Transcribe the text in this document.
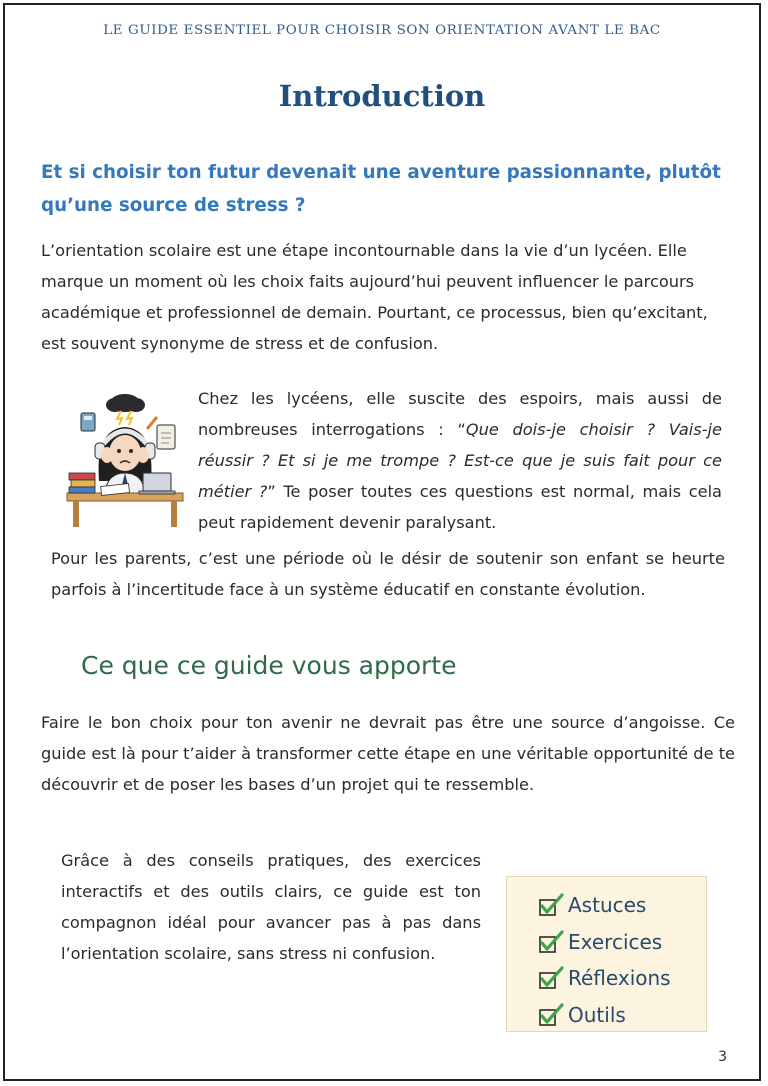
LE GUIDE ESSENTIEL POUR CHOISIR SON ORIENTATION AVANT LE BAC
Introduction
Et si choisir ton futur devenait une aventure passionnante, plutôt qu’une source de stress ?
L’orientation scolaire est une étape incontournable dans la vie d’un lycéen. Elle marque un moment où les choix faits aujourd’hui peuvent influencer le parcours académique et professionnel de demain. Pourtant, ce processus, bien qu’excitant, est souvent synonyme de stress et de confusion.
Chez les lycéens, elle suscite des espoirs, mais aussi de nombreuses interrogations : “Que dois-je choisir ? Vais-je réussir ? Et si je me trompe ? Est-ce que je suis fait pour ce métier ?” Te poser toutes ces questions est normal, mais cela peut rapidement devenir paralysant.
Pour les parents, c’est une période où le désir de soutenir son enfant se heurte parfois à l’incertitude face à un système éducatif en constante évolution.
Ce que ce guide vous apporte
Faire le bon choix pour ton avenir ne devrait pas être une source d’angoisse. Ce guide est là pour t’aider à transformer cette étape en une véritable opportunité de te découvrir et de poser les bases d’un projet qui te ressemble.
Grâce à des conseils pratiques, des exercices interactifs et des outils clairs, ce guide est ton compagnon idéal pour avancer pas à pas dans l’orientation scolaire, sans stress ni confusion.
Astuces
Exercices
Réflexions
Outils
3
